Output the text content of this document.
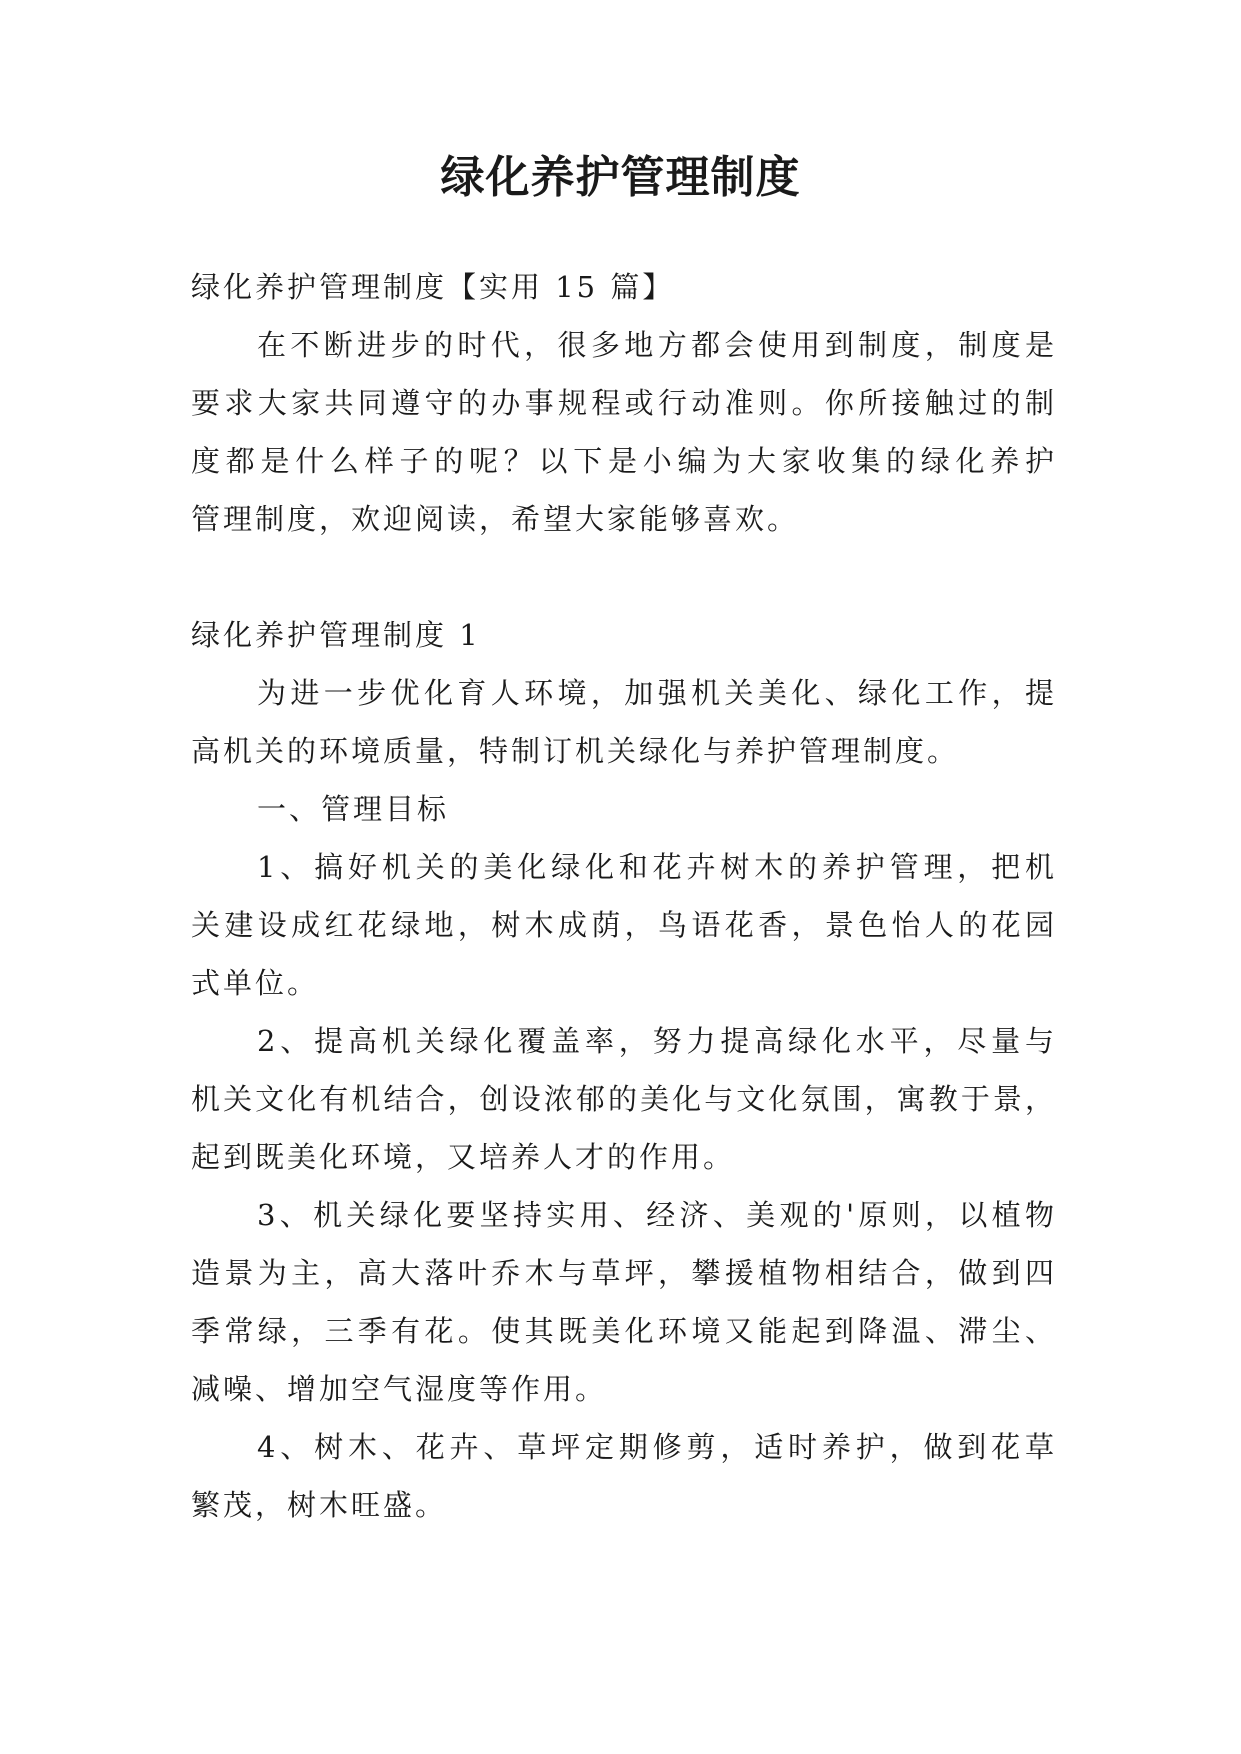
绿化养护管理制度

绿化养护管理制度【实用 15 篇】

在不断进步的时代，很多地方都会使用到制度，制度是

要求大家共同遵守的办事规程或行动准则。你所接触过的制

度都是什么样子的呢？以下是小编为大家收集的绿化养护

管理制度，欢迎阅读，希望大家能够喜欢。

绿化养护管理制度 1

为进一步优化育人环境，加强机关美化、绿化工作，提

高机关的环境质量，特制订机关绿化与养护管理制度。

一、管理目标

1、搞好机关的美化绿化和花卉树木的养护管理，把机

关建设成红花绿地，树木成荫，鸟语花香，景色怡人的花园

式单位。

2、提高机关绿化覆盖率，努力提高绿化水平，尽量与

机关文化有机结合，创设浓郁的美化与文化氛围，寓教于景，

起到既美化环境，又培养人才的作用。

3、机关绿化要坚持实用、经济、美观的'原则，以植物

造景为主，高大落叶乔木与草坪，攀援植物相结合，做到四

季常绿，三季有花。使其既美化环境又能起到降温、滞尘、

减噪、增加空气湿度等作用。

4、树木、花卉、草坪定期修剪，适时养护，做到花草

繁茂，树木旺盛。
